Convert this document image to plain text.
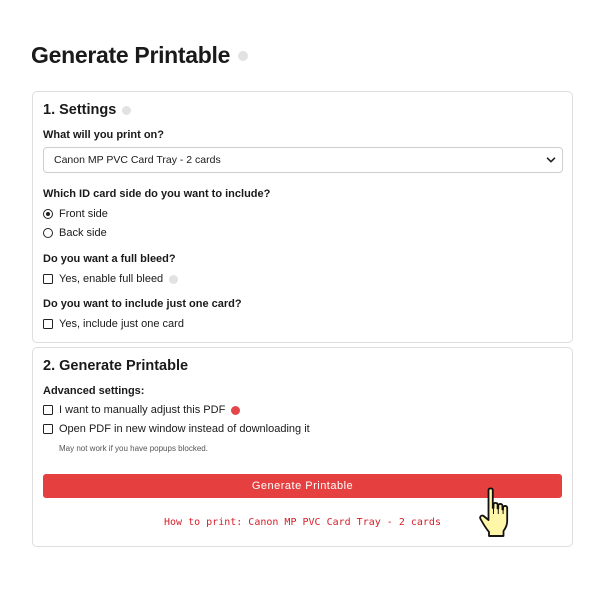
Generate Printable
1. Settings
What will you print on?
Canon MP PVC Card Tray - 2 cards
Which ID card side do you want to include?
Front side
Back side
Do you want a full bleed?
Yes, enable full bleed
Do you want to include just one card?
Yes, include just one card
2. Generate Printable
Advanced settings:
I want to manually adjust this PDF
Open PDF in new window instead of downloading it
May not work if you have popups blocked.
Generate Printable
How to print: Canon MP PVC Card Tray - 2 cards
